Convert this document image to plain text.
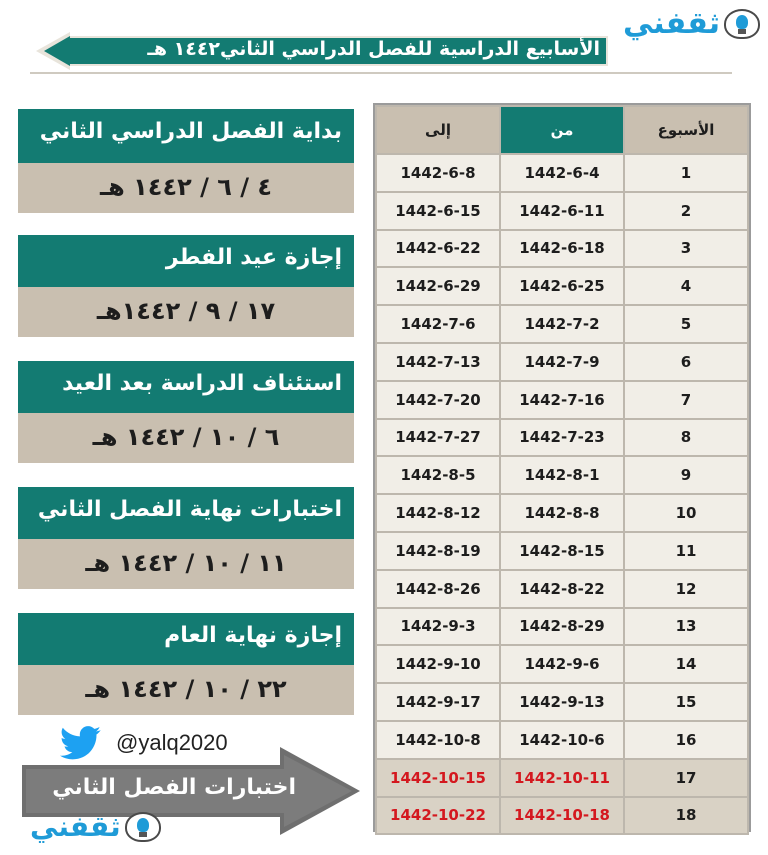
ثقفني
الأسابيع الدراسية للفصل الدراسي الثاني١٤٤٢ هـ
بداية الفصل الدراسي الثاني
٤ / ٦ / ١٤٤٢ هـ
إجازة عيد الفطر
١٧ / ٩ / ١٤٤٢هـ
استئناف الدراسة بعد العيد
٦ / ١٠ / ١٤٤٢ هـ
اختبارات نهاية الفصل الثاني
١١ / ١٠ / ١٤٤٢ هـ
إجازة نهاية العام
٢٢ / ١٠ / ١٤٤٢ هـ
@yalq2020
اختبارات الفصل الثاني
ثقفني
إلى	من	الأسبوع
1442-6-8	1442-6-4	1
1442-6-15	1442-6-11	2
1442-6-22	1442-6-18	3
1442-6-29	1442-6-25	4
1442-7-6	1442-7-2	5
1442-7-13	1442-7-9	6
1442-7-20	1442-7-16	7
1442-7-27	1442-7-23	8
1442-8-5	1442-8-1	9
1442-8-12	1442-8-8	10
1442-8-19	1442-8-15	11
1442-8-26	1442-8-22	12
1442-9-3	1442-8-29	13
1442-9-10	1442-9-6	14
1442-9-17	1442-9-13	15
1442-10-8	1442-10-6	16
1442-10-15	1442-10-11	17
1442-10-22	1442-10-18	18
